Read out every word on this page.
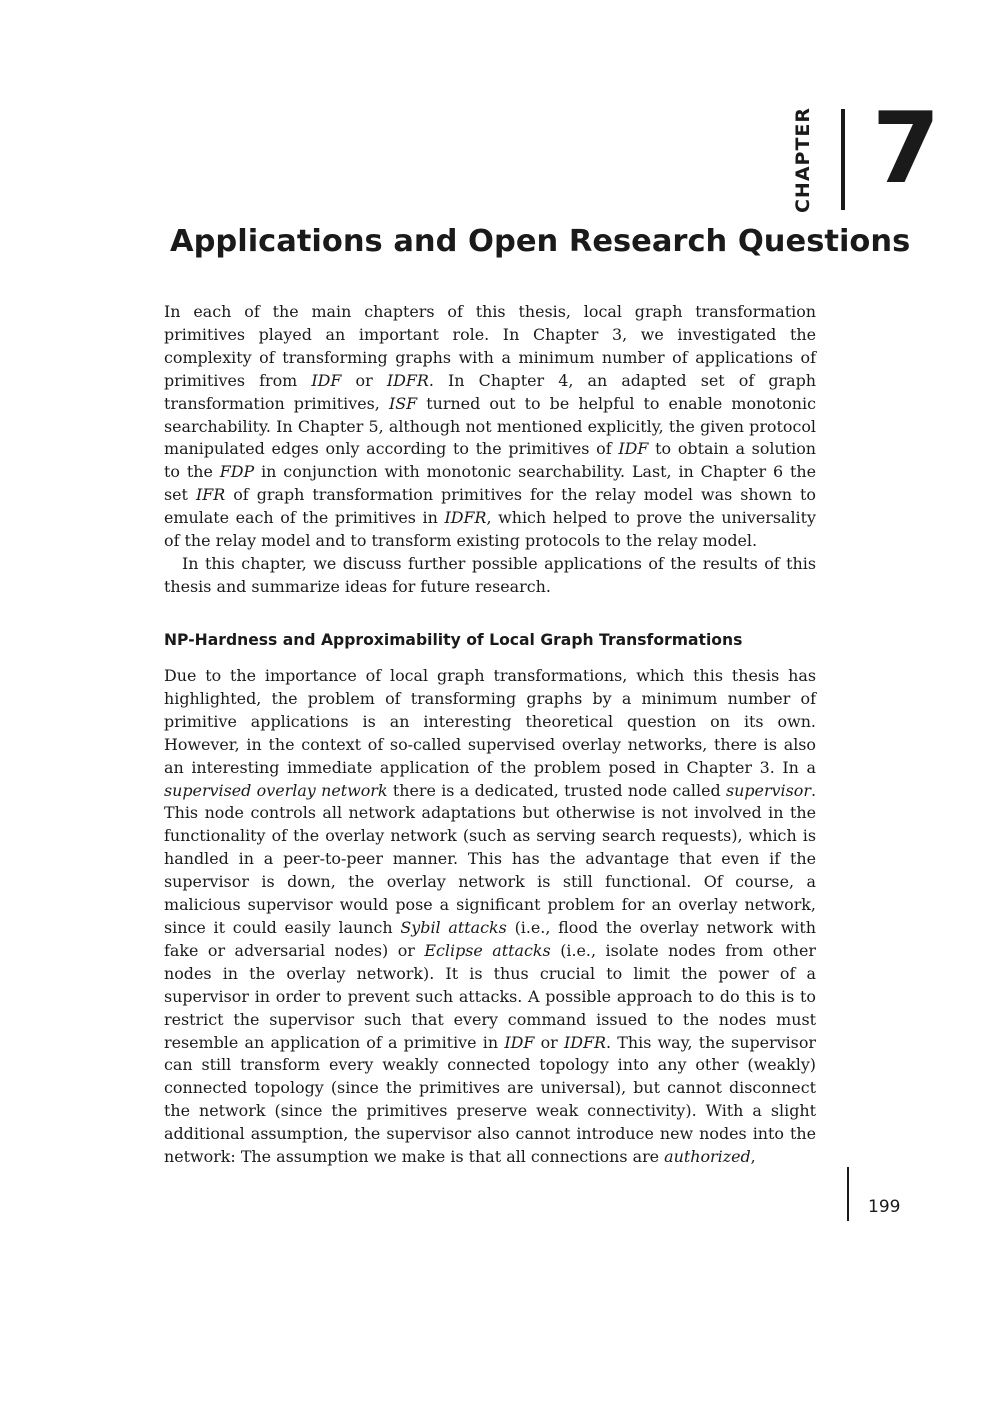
CHAPTER 7
Applications and Open Research Questions

In each of the main chapters of this thesis, local graph transformation primitives played an important role. In Chapter 3, we investigated the complexity of transforming graphs with a minimum number of applications of primitives from IDF or IDFR. In Chapter 4, an adapted set of graph transformation primitives, ISF turned out to be helpful to enable monotonic searchability. In Chapter 5, although not mentioned explicitly, the given protocol manipulated edges only according to the primitives of IDF to obtain a solution to the FDP in conjunction with monotonic searchability. Last, in Chapter 6 the set IFR of graph transformation primitives for the relay model was shown to emulate each of the primitives in IDFR, which helped to prove the universality of the relay model and to transform existing protocols to the relay model.

In this chapter, we discuss further possible applications of the results of this thesis and summarize ideas for future research.

NP-Hardness and Approximability of Local Graph Transformations

Due to the importance of local graph transformations, which this thesis has highlighted, the problem of transforming graphs by a minimum number of primitive applications is an interesting theoretical question on its own. However, in the context of so-called supervised overlay networks, there is also an interesting immediate application of the problem posed in Chapter 3. In a supervised overlay network there is a dedicated, trusted node called supervisor. This node controls all network adaptations but otherwise is not involved in the functionality of the overlay network (such as serving search requests), which is handled in a peer-to-peer manner. This has the advantage that even if the supervisor is down, the overlay network is still functional. Of course, a malicious supervisor would pose a significant problem for an overlay network, since it could easily launch Sybil attacks (i.e., flood the overlay network with fake or adversarial nodes) or Eclipse attacks (i.e., isolate nodes from other nodes in the overlay network). It is thus crucial to limit the power of a supervisor in order to prevent such attacks. A possible approach to do this is to restrict the supervisor such that every command issued to the nodes must resemble an application of a primitive in IDF or IDFR. This way, the supervisor can still transform every weakly connected topology into any other (weakly) connected topology (since the primitives are universal), but cannot disconnect the network (since the primitives preserve weak connectivity). With a slight additional assumption, the supervisor also cannot introduce new nodes into the network: The assumption we make is that all connections are authorized,

199
